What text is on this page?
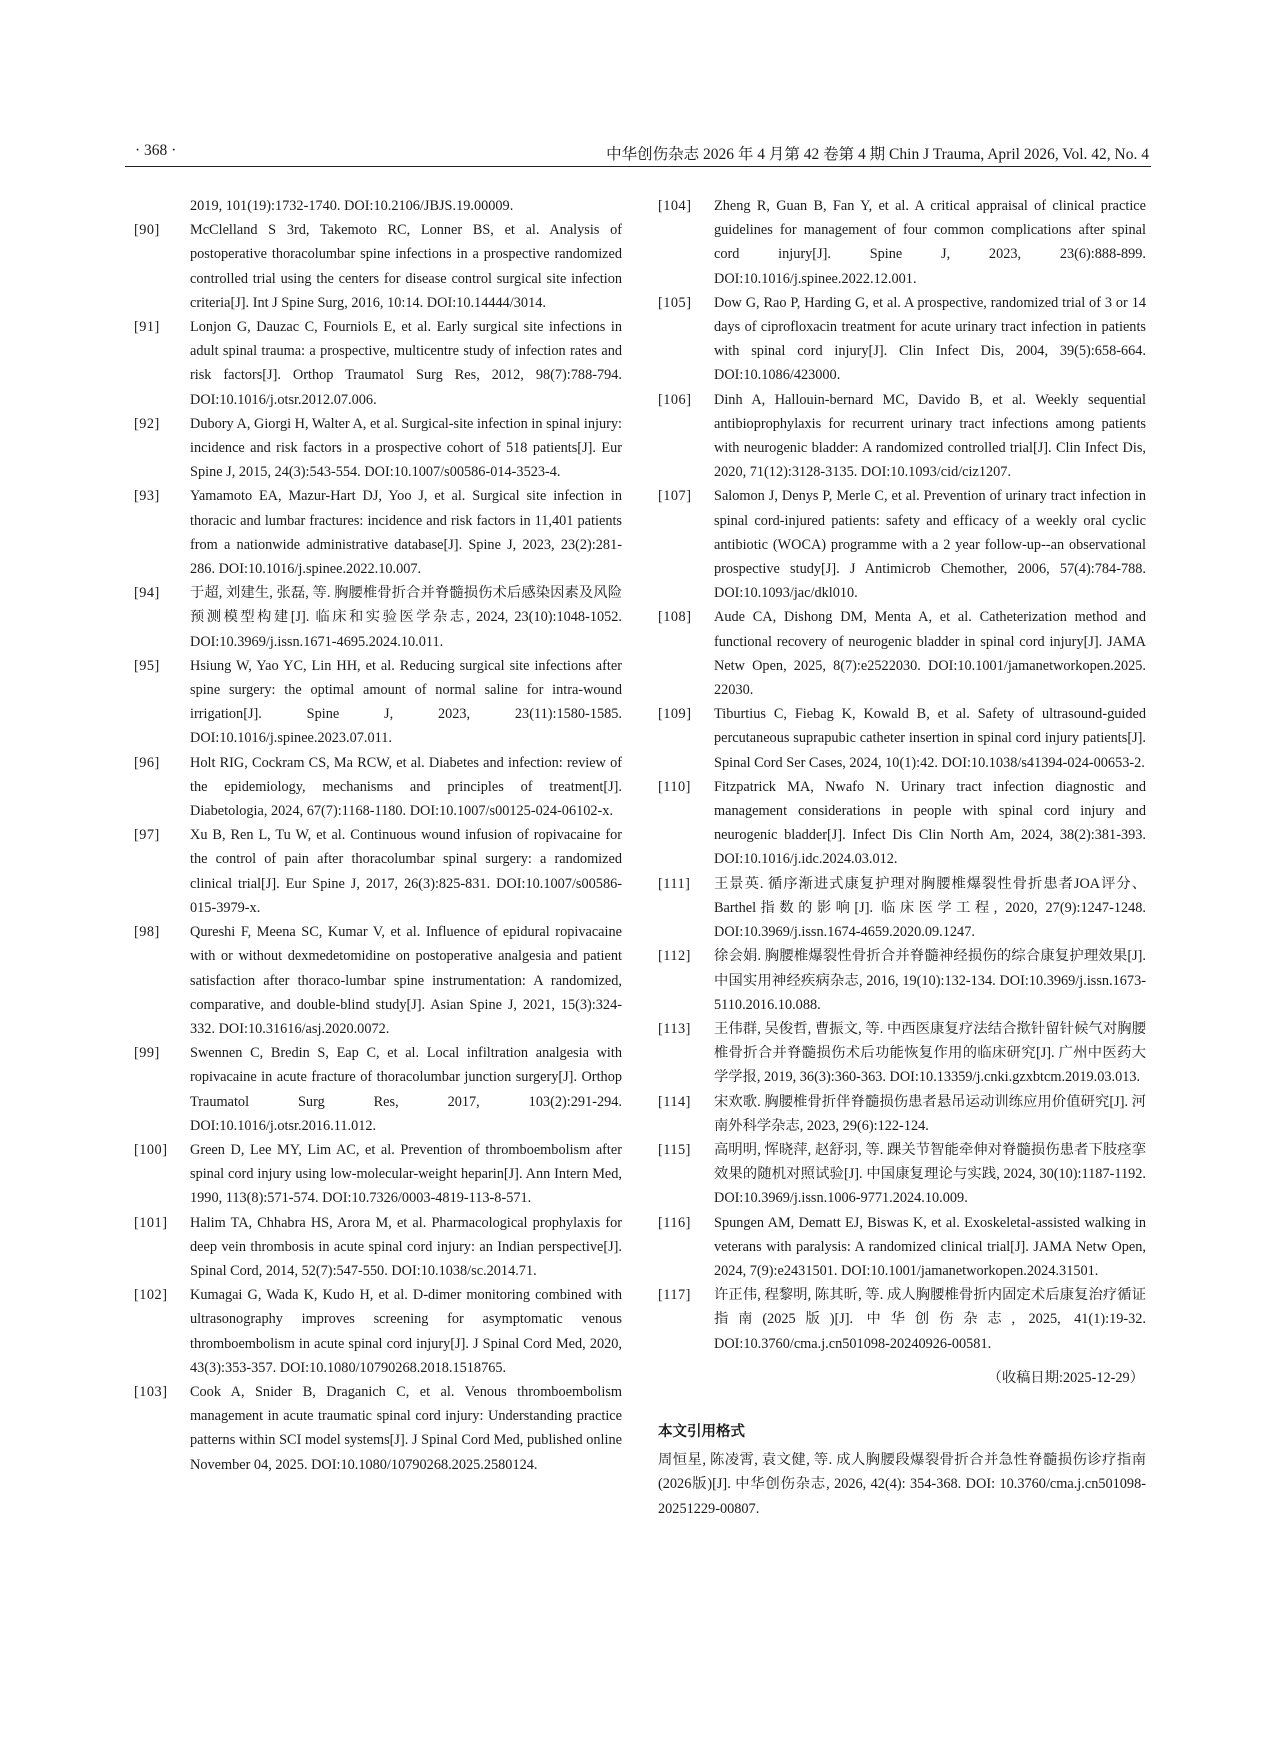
· 368 ·	中华创伤杂志 2026 年 4 月第 42 卷第 4 期 Chin J Trauma, April 2026, Vol. 42, No. 4
2019, 101(19):1732-1740. DOI:10.2106/JBJS.19.00009.
[90] McClelland S 3rd, Takemoto RC, Lonner BS, et al. Analysis of postoperative thoracolumbar spine infections in a prospective randomized controlled trial using the centers for disease control surgical site infection criteria[J]. Int J Spine Surg, 2016, 10:14. DOI:10.14444/3014.
[91] Lonjon G, Dauzac C, Fourniols E, et al. Early surgical site infections in adult spinal trauma: a prospective, multicentre study of infection rates and risk factors[J]. Orthop Traumatol Surg Res, 2012, 98(7):788-794. DOI:10.1016/j.otsr.2012.07.006.
[92] Dubory A, Giorgi H, Walter A, et al. Surgical-site infection in spinal injury: incidence and risk factors in a prospective cohort of 518 patients[J]. Eur Spine J, 2015, 24(3):543-554. DOI:10.1007/s00586-014-3523-4.
[93] Yamamoto EA, Mazur-Hart DJ, Yoo J, et al. Surgical site infection in thoracic and lumbar fractures: incidence and risk factors in 11,401 patients from a nationwide administrative database[J]. Spine J, 2023, 23(2):281-286. DOI:10.1016/j.spinee.2022.10.007.
[94] 于超, 刘建生, 张磊, 等. 胸腰椎骨折合并脊髓损伤术后感染因素及风险预测模型构建[J]. 临床和实验医学杂志, 2024, 23(10):1048-1052. DOI:10.3969/j.issn.1671-4695.2024.10.011.
[95] Hsiung W, Yao YC, Lin HH, et al. Reducing surgical site infections after spine surgery: the optimal amount of normal saline for intra-wound irrigation[J]. Spine J, 2023, 23(11):1580-1585. DOI:10.1016/j.spinee.2023.07.011.
[96] Holt RIG, Cockram CS, Ma RCW, et al. Diabetes and infection: review of the epidemiology, mechanisms and principles of treatment[J]. Diabetologia, 2024, 67(7):1168-1180. DOI:10.1007/s00125-024-06102-x.
[97] Xu B, Ren L, Tu W, et al. Continuous wound infusion of ropivacaine for the control of pain after thoracolumbar spinal surgery: a randomized clinical trial[J]. Eur Spine J, 2017, 26(3):825-831. DOI:10.1007/s00586-015-3979-x.
[98] Qureshi F, Meena SC, Kumar V, et al. Influence of epidural ropivacaine with or without dexmedetomidine on postoperative analgesia and patient satisfaction after thoraco-lumbar spine instrumentation: A randomized, comparative, and double-blind study[J]. Asian Spine J, 2021, 15(3):324-332. DOI:10.31616/asj.2020.0072.
[99] Swennen C, Bredin S, Eap C, et al. Local infiltration analgesia with ropivacaine in acute fracture of thoracolumbar junction surgery[J]. Orthop Traumatol Surg Res, 2017, 103(2):291-294. DOI:10.1016/j.otsr.2016.11.012.
[100] Green D, Lee MY, Lim AC, et al. Prevention of thromboembolism after spinal cord injury using low-molecular-weight heparin[J]. Ann Intern Med, 1990, 113(8):571-574. DOI:10.7326/0003-4819-113-8-571.
[101] Halim TA, Chhabra HS, Arora M, et al. Pharmacological prophylaxis for deep vein thrombosis in acute spinal cord injury: an Indian perspective[J]. Spinal Cord, 2014, 52(7):547-550. DOI:10.1038/sc.2014.71.
[102] Kumagai G, Wada K, Kudo H, et al. D-dimer monitoring combined with ultrasonography improves screening for asymptomatic venous thromboembolism in acute spinal cord injury[J]. J Spinal Cord Med, 2020, 43(3):353-357. DOI:10.1080/10790268.2018.1518765.
[103] Cook A, Snider B, Draganich C, et al. Venous thromboembolism management in acute traumatic spinal cord injury: Understanding practice patterns within SCI model systems[J]. J Spinal Cord Med, published online November 04, 2025. DOI:10.1080/10790268.2025.2580124.
[104] Zheng R, Guan B, Fan Y, et al. A critical appraisal of clinical practice guidelines for management of four common complications after spinal cord injury[J]. Spine J, 2023, 23(6):888-899. DOI:10.1016/j.spinee.2022.12.001.
[105] Dow G, Rao P, Harding G, et al. A prospective, randomized trial of 3 or 14 days of ciprofloxacin treatment for acute urinary tract infection in patients with spinal cord injury[J]. Clin Infect Dis, 2004, 39(5):658-664. DOI:10.1086/423000.
[106] Dinh A, Hallouin-bernard MC, Davido B, et al. Weekly sequential antibioprophylaxis for recurrent urinary tract infections among patients with neurogenic bladder: A randomized controlled trial[J]. Clin Infect Dis, 2020, 71(12):3128-3135. DOI:10.1093/cid/ciz1207.
[107] Salomon J, Denys P, Merle C, et al. Prevention of urinary tract infection in spinal cord-injured patients: safety and efficacy of a weekly oral cyclic antibiotic (WOCA) programme with a 2 year follow-up--an observational prospective study[J]. J Antimicrob Chemother, 2006, 57(4):784-788. DOI:10.1093/jac/dkl010.
[108] Aude CA, Dishong DM, Menta A, et al. Catheterization method and functional recovery of neurogenic bladder in spinal cord injury[J]. JAMA Netw Open, 2025, 8(7):e2522030. DOI:10.1001/jamanetworkopen.2025. 22030.
[109] Tiburtius C, Fiebag K, Kowald B, et al. Safety of ultrasound-guided percutaneous suprapubic catheter insertion in spinal cord injury patients[J]. Spinal Cord Ser Cases, 2024, 10(1):42. DOI:10.1038/s41394-024-00653-2.
[110] Fitzpatrick MA, Nwafo N. Urinary tract infection diagnostic and management considerations in people with spinal cord injury and neurogenic bladder[J]. Infect Dis Clin North Am, 2024, 38(2):381-393. DOI:10.1016/j.idc.2024.03.012.
[111] 王景英. 循序渐进式康复护理对胸腰椎爆裂性骨折患者JOA评分、Barthel指数的影响[J]. 临床医学工程, 2020, 27(9):1247-1248. DOI:10.3969/j.issn.1674-4659.2020.09.1247.
[112] 徐会娟. 胸腰椎爆裂性骨折合并脊髓神经损伤的综合康复护理效果[J]. 中国实用神经疾病杂志, 2016, 19(10):132-134. DOI:10.3969/j.issn.1673-5110.2016.10.088.
[113] 王伟群, 吴俊哲, 曹振文, 等. 中西医康复疗法结合揿针留针候气对胸腰椎骨折合并脊髓损伤术后功能恢复作用的临床研究[J]. 广州中医药大学学报, 2019, 36(3):360-363. DOI:10.13359/j.cnki.gzxbtcm.2019.03.013.
[114] 宋欢歌. 胸腰椎骨折伴脊髓损伤患者悬吊运动训练应用价值研究[J]. 河南外科学杂志, 2023, 29(6):122-124.
[115] 高明明, 恽晓萍, 赵舒羽, 等. 踝关节智能牵伸对脊髓损伤患者下肢痉挛效果的随机对照试验[J]. 中国康复理论与实践, 2024, 30(10):1187-1192. DOI:10.3969/j.issn.1006-9771.2024.10.009.
[116] Spungen AM, Dematt EJ, Biswas K, et al. Exoskeletal-assisted walking in veterans with paralysis: A randomized clinical trial[J]. JAMA Netw Open, 2024, 7(9):e2431501. DOI:10.1001/jamanetworkopen.2024.31501.
[117] 许正伟, 程黎明, 陈其昕, 等. 成人胸腰椎骨折内固定术后康复治疗循证指南(2025版)[J]. 中华创伤杂志, 2025, 41(1):19-32. DOI:10.3760/cma.j.cn501098-20240926-00581.
（收稿日期:2025-12-29）
本文引用格式
周恒星, 陈凌霄, 袁文健, 等. 成人胸腰段爆裂骨折合并急性脊髓损伤诊疗指南(2026版)[J]. 中华创伤杂志, 2026, 42(4): 354-368. DOI: 10.3760/cma.j.cn501098-20251229-00807.
